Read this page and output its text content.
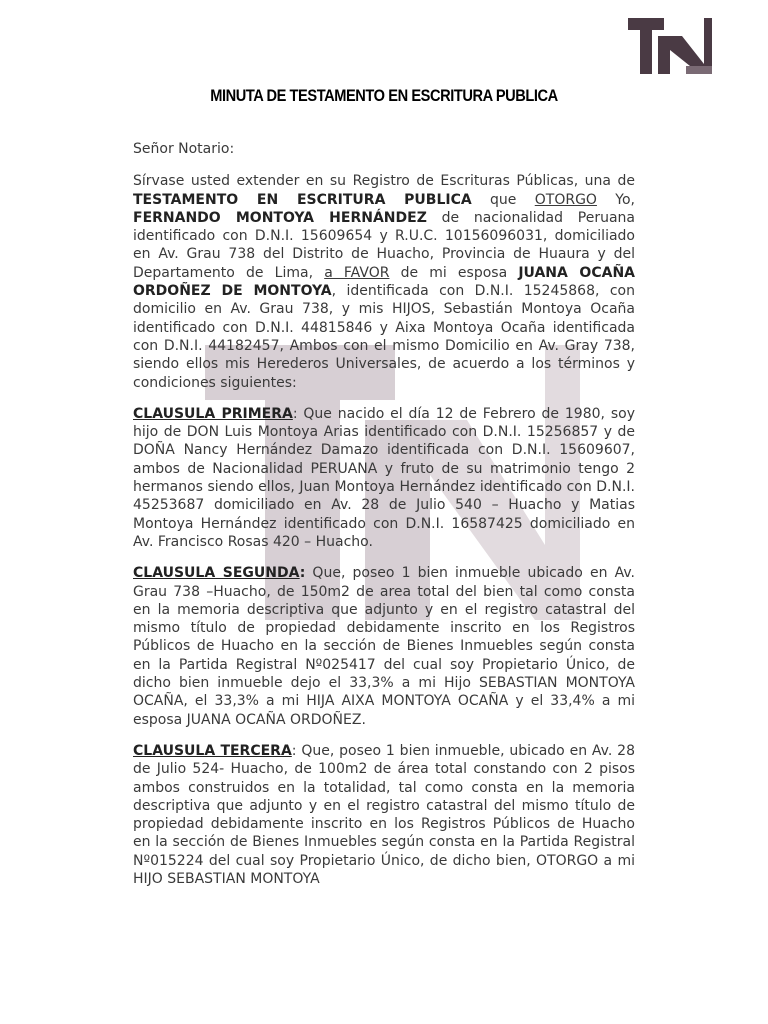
MINUTA DE TESTAMENTO EN ESCRITURA PUBLICA

Señor Notario:

Sírvase usted extender en su Registro de Escrituras Públicas, una de TESTAMENTO EN ESCRITURA PUBLICA que OTORGO Yo, FERNANDO MONTOYA HERNÁNDEZ de nacionalidad Peruana identificado con D.N.I. 15609654 y R.U.C. 10156096031, domiciliado en Av. Grau 738 del Distrito de Huacho, Provincia de Huaura y del Departamento de Lima, a FAVOR de mi esposa JUANA OCAÑA ORDOÑEZ DE MONTOYA, identificada con D.N.I. 15245868, con domicilio en Av. Grau 738, y mis HIJOS, Sebastián Montoya Ocaña identificado con D.N.I. 44815846 y Aixa Montoya Ocaña identificada con D.N.I. 44182457, Ambos con el mismo Domicilio en Av. Gray 738, siendo ellos mis Herederos Universales, de acuerdo a los términos y condiciones siguientes:

CLAUSULA PRIMERA: Que nacido el día 12 de Febrero de 1980, soy hijo de DON Luis Montoya Arias identificado con D.N.I. 15256857 y de DOÑA Nancy Hernández Damazo identificada con D.N.I. 15609607, ambos de Nacionalidad PERUANA y fruto de su matrimonio tengo 2 hermanos siendo ellos, Juan Montoya Hernández identificado con D.N.I. 45253687 domiciliado en Av. 28 de Julio 540 – Huacho y Matias Montoya Hernández identificado con D.N.I. 16587425 domiciliado en Av. Francisco Rosas 420 – Huacho.

CLAUSULA SEGUNDA: Que, poseo 1 bien inmueble ubicado en Av. Grau 738 –Huacho, de 150m2 de area total del bien tal como consta en la memoria descriptiva que adjunto y en el registro catastral del mismo título de propiedad debidamente inscrito en los Registros Públicos de Huacho en la sección de Bienes Inmuebles según consta en la Partida Registral Nº025417 del cual soy Propietario Único, de dicho bien inmueble dejo el 33,3% a mi Hijo SEBASTIAN MONTOYA OCAÑA, el 33,3% a mi HIJA AIXA MONTOYA OCAÑA y el 33,4% a mi esposa JUANA OCAÑA ORDOÑEZ.

CLAUSULA TERCERA: Que, poseo 1 bien inmueble, ubicado en Av. 28 de Julio 524- Huacho, de 100m2 de área total constando con 2 pisos ambos construidos en la totalidad, tal como consta en la memoria descriptiva que adjunto y en el registro catastral del mismo título de propiedad debidamente inscrito en los Registros Públicos de Huacho en la sección de Bienes Inmuebles según consta en la Partida Registral Nº015224 del cual soy Propietario Único, de dicho bien, OTORGO a mi HIJO SEBASTIAN MONTOYA
